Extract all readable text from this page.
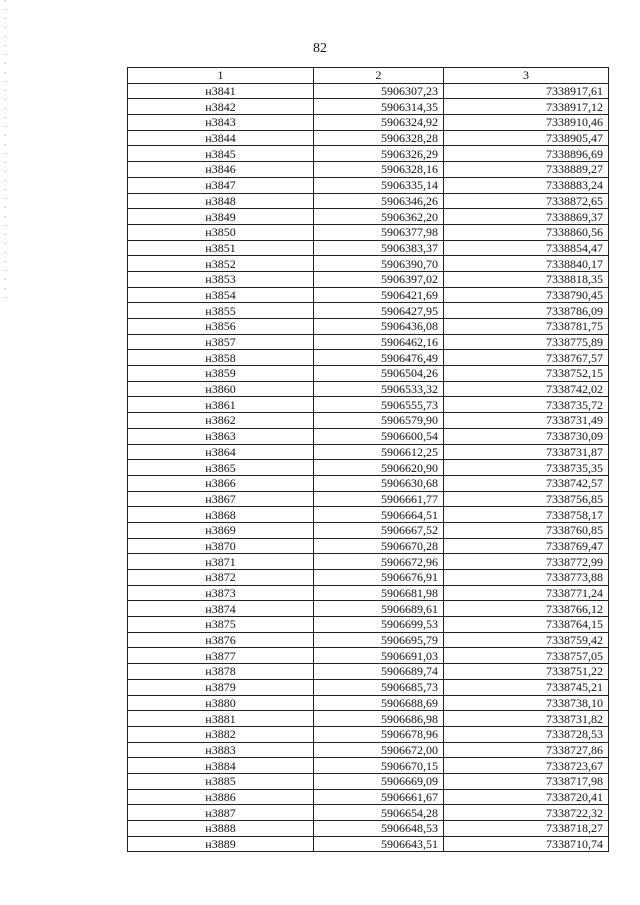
82
1	2	3
н3841	5906307,23	7338917,61
н3842	5906314,35	7338917,12
н3843	5906324,92	7338910,46
н3844	5906328,28	7338905,47
н3845	5906326,29	7338896,69
н3846	5906328,16	7338889,27
н3847	5906335,14	7338883,24
н3848	5906346,26	7338872,65
н3849	5906362,20	7338869,37
н3850	5906377,98	7338860,56
н3851	5906383,37	7338854,47
н3852	5906390,70	7338840,17
н3853	5906397,02	7338818,35
н3854	5906421,69	7338790,45
н3855	5906427,95	7338786,09
н3856	5906436,08	7338781,75
н3857	5906462,16	7338775,89
н3858	5906476,49	7338767,57
н3859	5906504,26	7338752,15
н3860	5906533,32	7338742,02
н3861	5906555,73	7338735,72
н3862	5906579,90	7338731,49
н3863	5906600,54	7338730,09
н3864	5906612,25	7338731,87
н3865	5906620,90	7338735,35
н3866	5906630,68	7338742,57
н3867	5906661,77	7338756,85
н3868	5906664,51	7338758,17
н3869	5906667,52	7338760,85
н3870	5906670,28	7338769,47
н3871	5906672,96	7338772,99
н3872	5906676,91	7338773,88
н3873	5906681,98	7338771,24
н3874	5906689,61	7338766,12
н3875	5906699,53	7338764,15
н3876	5906695,79	7338759,42
н3877	5906691,03	7338757,05
н3878	5906689,74	7338751,22
н3879	5906685,73	7338745,21
н3880	5906688,69	7338738,10
н3881	5906686,98	7338731,82
н3882	5906678,96	7338728,53
н3883	5906672,00	7338727,86
н3884	5906670,15	7338723,67
н3885	5906669,09	7338717,98
н3886	5906661,67	7338720,41
н3887	5906654,28	7338722,32
н3888	5906648,53	7338718,27
н3889	5906643,51	7338710,74
